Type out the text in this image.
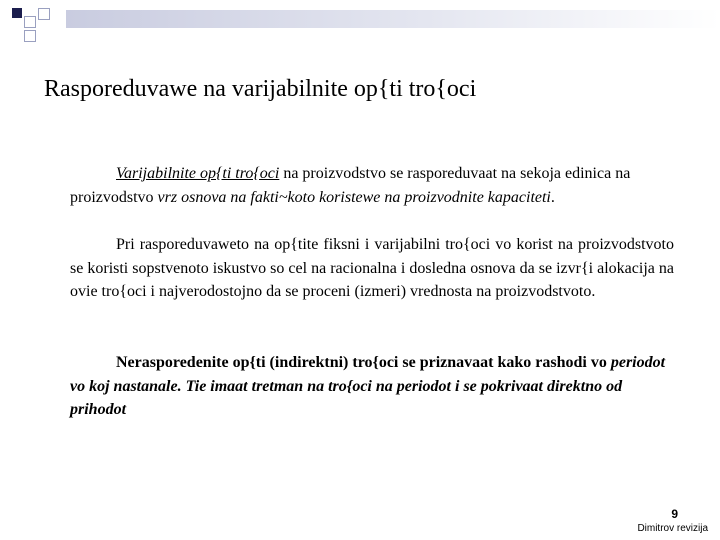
Rasporeduvawe na varijabilnite op{ti tro{oci
Varijabilnite op{ti tro{oci na proizvodstvo se rasporeduvaat na sekoja edinica na proizvodstvo vrz osnova na fakti~koto koristewe na proizvodnite kapaciteti.
Pri rasporeduvaweto na op{tite fiksni i varijabilni tro{oci vo korist na proizvodstvoto se koristi sopstvenoto iskustvo so cel na racionalna i dosledna osnova da se izvr{i alokacija na ovie tro{oci i najverodostojno da se proceni (izmeri) vrednosta na proizvodstvoto.
Nerasporedenite op{ti (indirektni) tro{oci se priznavaat kako rashodi vo periodot vo koj nastanale. Tie imaat tretman na tro{oci na periodot i se pokrivaat direktno od prihodot
9
Dimitrov revizija
